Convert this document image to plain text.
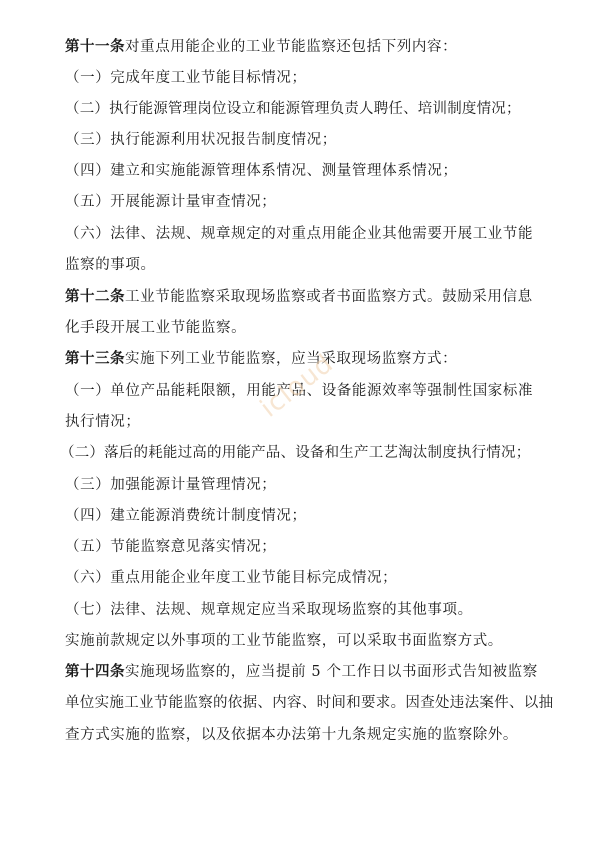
第十一条对重点用能企业的工业节能监察还包括下列内容：
（一）完成年度工业节能目标情况；
（二）执行能源管理岗位设立和能源管理负责人聘任、培训制度情况；
（三）执行能源利用状况报告制度情况；
（四）建立和实施能源管理体系情况、测量管理体系情况；
（五）开展能源计量审查情况；
（六）法律、法规、规章规定的对重点用能企业其他需要开展工业节能
监察的事项。
第十二条工业节能监察采取现场监察或者书面监察方式。鼓励采用信息
化手段开展工业节能监察。
第十三条实施下列工业节能监察，应当采取现场监察方式：
（一）单位产品能耗限额，用能产品、设备能源效率等强制性国家标准
执行情况；
（二）落后的耗能过高的用能产品、设备和生产工艺淘汰制度执行情况；
（三）加强能源计量管理情况；
（四）建立能源消费统计制度情况；
（五）节能监察意见落实情况；
（六）重点用能企业年度工业节能目标完成情况；
（七）法律、法规、规章规定应当采取现场监察的其他事项。
实施前款规定以外事项的工业节能监察，可以采取书面监察方式。
第十四条实施现场监察的，应当提前 5 个工作日以书面形式告知被监察
单位实施工业节能监察的依据、内容、时间和要求。因查处违法案件、以抽
查方式实施的监察，以及依据本办法第十九条规定实施的监察除外。
icloud
